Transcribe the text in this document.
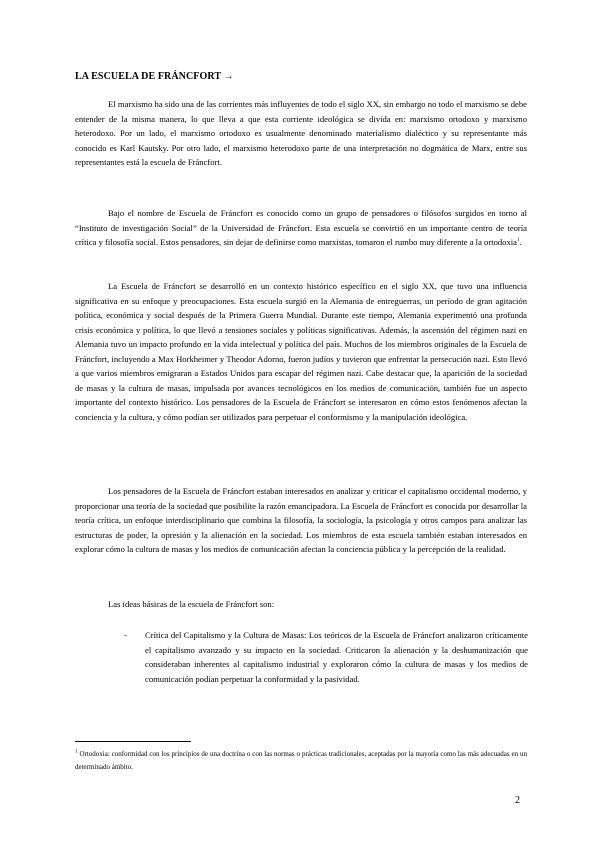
LA ESCUELA DE FRÁNCFORT →

El marxismo ha sido una de las corrientes más influyentes de todo el siglo XX, sin embargo no todo el marxismo se debe entender de la misma manera, lo que lleva a que esta corriente ideológica se divida en: marxismo ortodoxo y marxismo heterodoxo. Por un lado, el marxismo ortodoxo es usualmente denominado materialismo dialéctico y su representante más conocido es Karl Kautsky. Por otro lado, el marxismo heterodoxo parte de una interpretación no dogmática de Marx, entre sus representantes está la escuela de Fráncfort.

Bajo el nombre de Escuela de Fráncfort es conocido como un grupo de pensadores o filósofos surgidos en torno al “Instituto de investigación Social” de la Universidad de Fráncfort. Esta escuela se convirtió en un importante centro de teoría crítica y filosofía social. Estos pensadores, sin dejar de definirse como marxistas, tomaron el rumbo muy diferente a la ortodoxia$^1$.

La Escuela de Fráncfort se desarrolló en un contexto histórico específico en el siglo XX, que tuvo una influencia significativa en su enfoque y preocupaciones. Esta escuela surgió en la Alemania de entreguerras, un período de gran agitación política, económica y social después de la Primera Guerra Mundial. Durante este tiempo, Alemania experimentó una profunda crisis económica y política, lo que llevó a tensiones sociales y políticas significativas. Además, la ascensión del régimen nazi en Alemania tuvo un impacto profundo en la vida intelectual y política del país. Muchos de los miembros originales de la Escuela de Fráncfort, incluyendo a Max Horkheimer y Theodor Adorno, fueron judíos y tuvieron que enfrentar la persecución nazi. Esto llevó a que varios miembros emigraran a Estados Unidos para escapar del régimen nazi. Cabe destacar que, la aparición de la sociedad de masas y la cultura de masas, impulsada por avances tecnológicos en los medios de comunicación, también fue un aspecto importante del contexto histórico. Los pensadores de la Escuela de Fráncfort se interesaron en cómo estos fenómenos afectan la conciencia y la cultura, y cómo podían ser utilizados para perpetuar el conformismo y la manipulación ideológica.

Los pensadores de la Escuela de Fráncfort estaban interesados en analizar y criticar el capitalismo occidental moderno, y proporcionar una teoría de la sociedad que posibilite la razón emancipadora. La Escuela de Fráncfort es conocida por desarrollar la teoría crítica, un enfoque interdisciplinario que combina la filosofía, la sociología, la psicología y otros campos para analizar las estructuras de poder, la opresión y la alienación en la sociedad. Los miembros de esta escuela también estaban interesados en explorar cómo la cultura de masas y los medios de comunicación afectan la conciencia pública y la percepción de la realidad.

Las ideas básicas de la escuela de Fráncfort son:

- Crítica del Capitalismo y la Cultura de Masas: Los teóricos de la Escuela de Fráncfort analizaron críticamente el capitalismo avanzado y su impacto en la sociedad. Criticaron la alienación y la deshumanización que consideraban inherentes al capitalismo industrial y exploraron cómo la cultura de masas y los medios de comunicación podían perpetuar la conformidad y la pasividad.

$^1$ Ortodoxia: conformidad con los principios de una doctrina o con las normas o prácticas tradicionales, aceptadas por la mayoría como las más adecuadas en un determinado ámbito.

2
